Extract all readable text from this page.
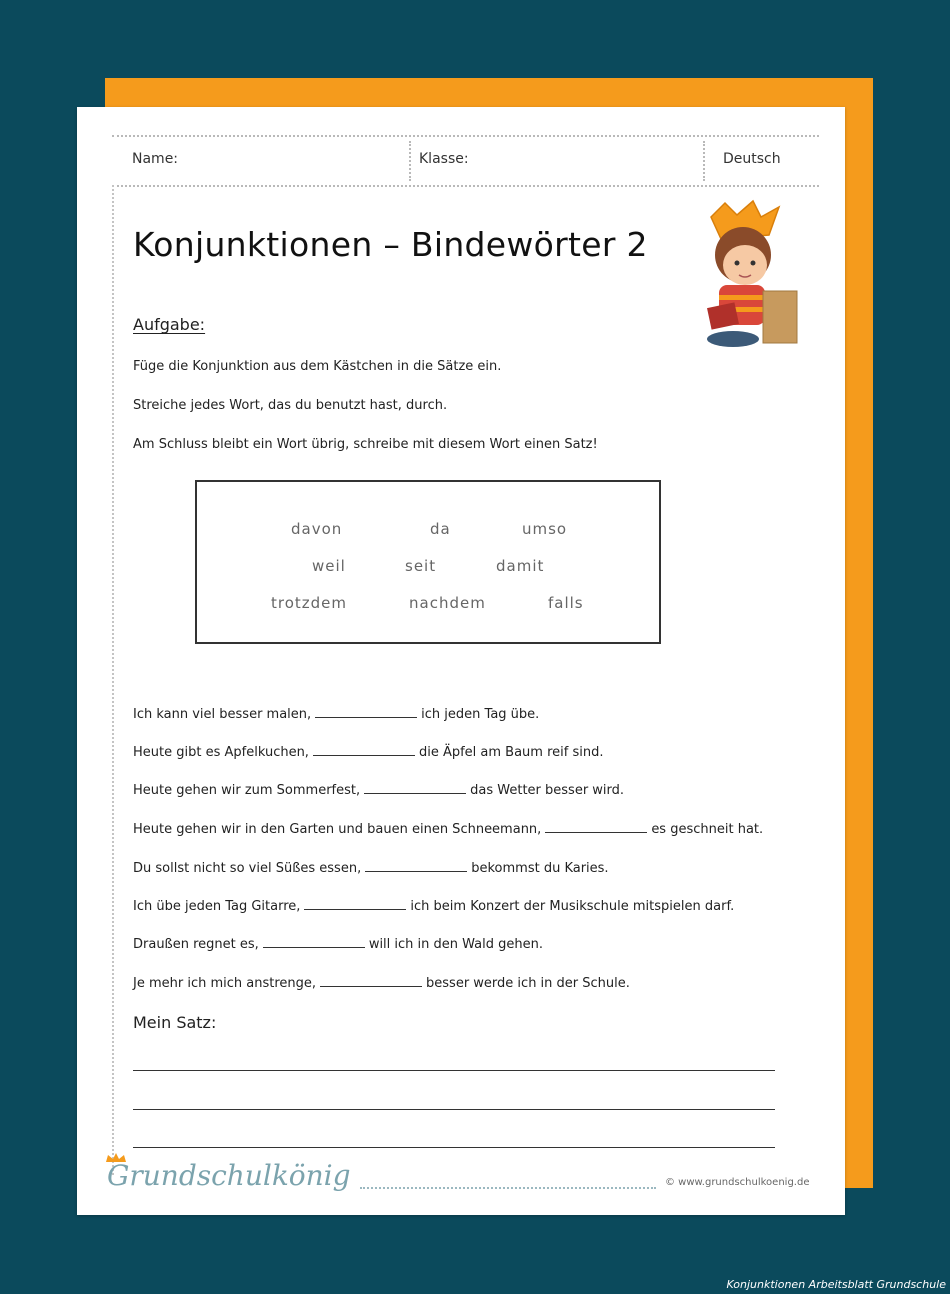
Name:	Klasse:	Deutsch
Konjunktionen – Bindewörter 2
Aufgabe:
Füge die Konjunktion aus dem Kästchen in die Sätze ein.
Streiche jedes Wort, das du benutzt hast, durch.
Am Schluss bleibt ein Wort übrig, schreibe mit diesem Wort einen Satz!
davon	da	umso
weil	seit	damit
trotzdem	nachdem	falls
Ich kann viel besser malen,	ich jeden Tag übe.
Heute gibt es Apfelkuchen,	die Äpfel am Baum reif sind.
Heute gehen wir zum Sommerfest,	das Wetter besser wird.
Heute gehen wir in den Garten und bauen einen Schneemann,	es geschneit hat.
Du sollst nicht so viel Süßes essen,	bekommst du Karies.
Ich übe jeden Tag Gitarre,	ich beim Konzert der Musikschule mitspielen darf.
Draußen regnet es,	will ich in den Wald gehen.
Je mehr ich mich anstrenge,	besser werde ich in der Schule.
Mein Satz:
Grundschulkönig	© www.grundschulkoenig.de
Konjunktionen Arbeitsblatt Grundschule
